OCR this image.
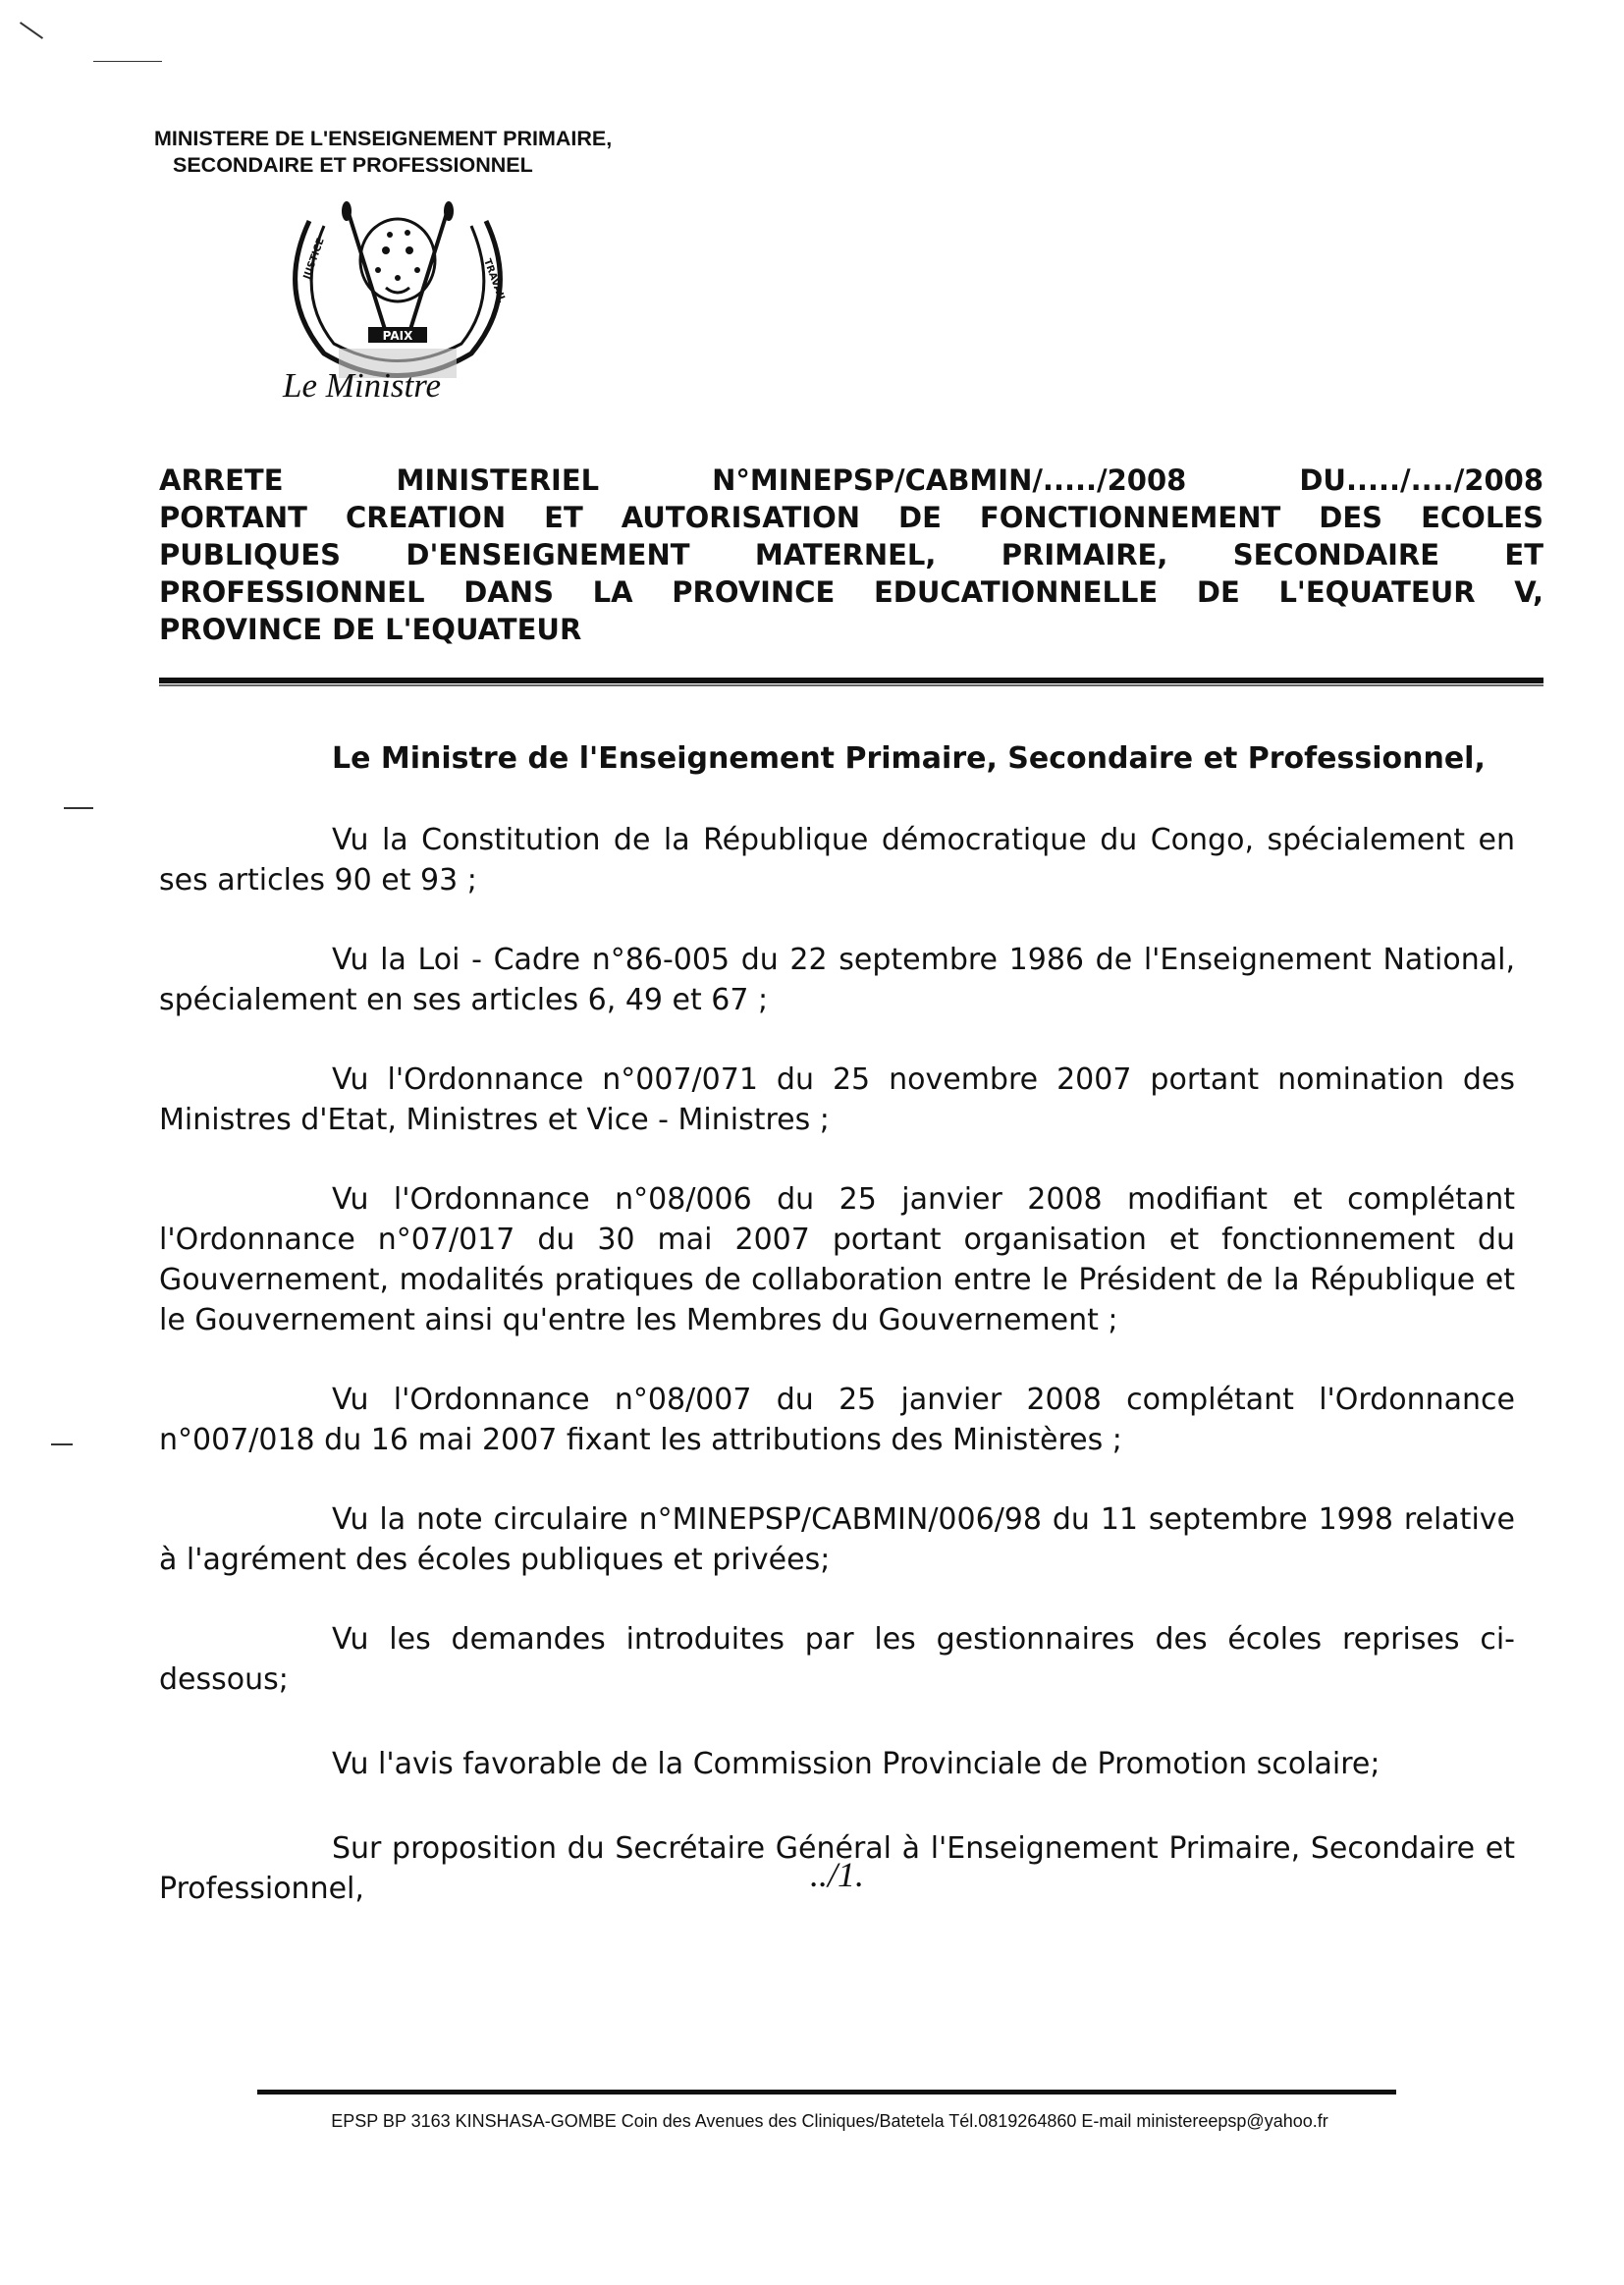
MINISTERE DE L'ENSEIGNEMENT PRIMAIRE,
SECONDAIRE ET PROFESSIONNEL
PAIX
JUSTICE	TRAVAIL
Le Ministre
ARRETE MINISTERIEL N°MINEPSP/CABMIN/...../2008 DU...../..../2008
PORTANT CREATION ET AUTORISATION DE FONCTIONNEMENT DES ECOLES
PUBLIQUES D'ENSEIGNEMENT MATERNEL, PRIMAIRE, SECONDAIRE ET
PROFESSIONNEL DANS LA PROVINCE EDUCATIONNELLE DE L'EQUATEUR V,
PROVINCE DE L'EQUATEUR

Le Ministre de l'Enseignement Primaire, Secondaire et Professionnel,

Vu la Constitution de la République démocratique du Congo, spécialement en ses articles 90 et 93 ;

Vu la Loi - Cadre n°86-005 du 22 septembre 1986 de l'Enseignement National, spécialement en ses articles 6, 49 et 67 ;

Vu l'Ordonnance n°007/071 du 25 novembre 2007 portant nomination des Ministres d'Etat, Ministres et Vice - Ministres ;

Vu l'Ordonnance n°08/006 du 25 janvier 2008 modifiant et complétant l'Ordonnance n°07/017 du 30 mai 2007 portant organisation et fonctionnement du Gouvernement, modalités pratiques de collaboration entre le Président de la République et le Gouvernement ainsi qu'entre les Membres du Gouvernement ;

Vu l'Ordonnance n°08/007 du 25 janvier 2008 complétant l'Ordonnance n°007/018 du 16 mai 2007 fixant les attributions des Ministères ;

Vu la note circulaire n°MINEPSP/CABMIN/006/98 du 11 septembre 1998 relative à l'agrément des écoles publiques et privées;

Vu les demandes introduites par les gestionnaires des écoles reprises ci-dessous;

Vu l'avis favorable de la Commission Provinciale de Promotion scolaire;

Sur proposition du Secrétaire Général à l'Enseignement Primaire, Secondaire et Professionnel,	../1.
EPSP BP 3163 KINSHASA-GOMBE Coin des Avenues des Cliniques/Batetela Tél.0819264860 E-mail ministereepsp@yahoo.fr
